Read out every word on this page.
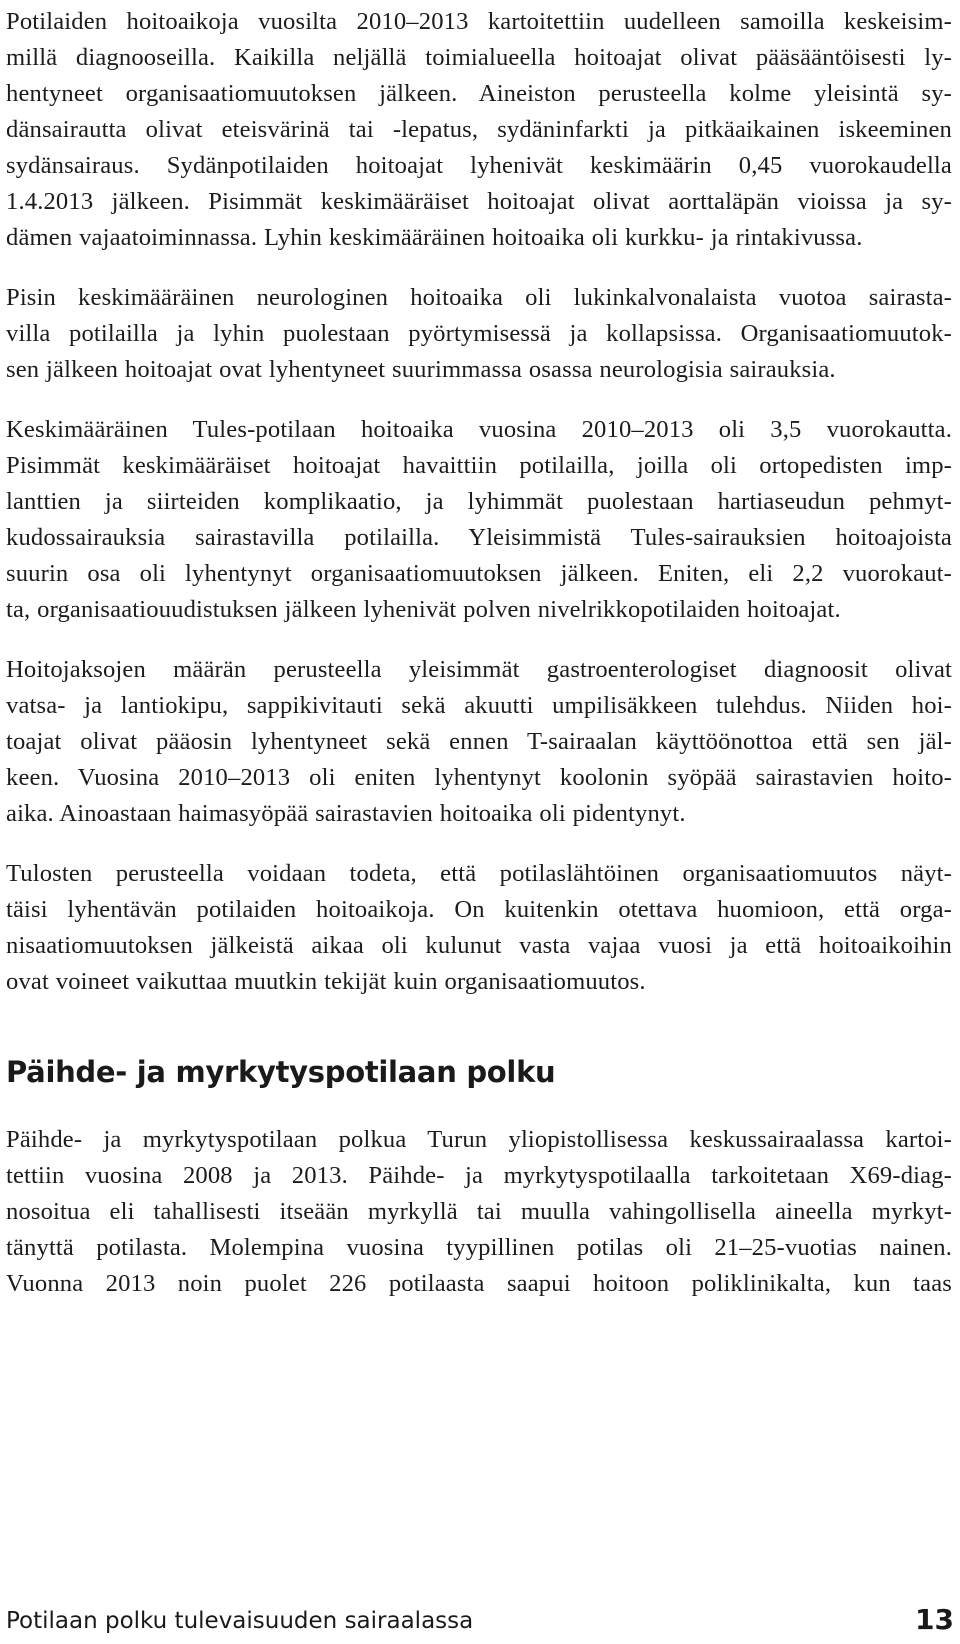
Potilaiden hoitoaikoja vuosilta 2010–2013 kartoitettiin uudelleen samoilla keskeisim-
millä diagnooseilla. Kaikilla neljällä toimialueella hoitoajat olivat pääsääntöisesti ly-
hentyneet organisaatiomuutoksen jälkeen. Aineiston perusteella kolme yleisintä sy-
dänsairautta olivat eteisvärinä tai -lepatus, sydäninfarkti ja pitkäaikainen iskeeminen
sydänsairaus. Sydänpotilaiden hoitoajat lyhenivät keskimäärin 0,45 vuorokaudella
1.4.2013 jälkeen. Pisimmät keskimääräiset hoitoajat olivat aorttaläpän vioissa ja sy-
dämen vajaatoiminnassa. Lyhin keskimääräinen hoitoaika oli kurkku- ja rintakivussa.
Pisin keskimääräinen neurologinen hoitoaika oli lukinkalvonalaista vuotoa sairasta-
villa potilailla ja lyhin puolestaan pyörtymisessä ja kollapsissa. Organisaatiomuutok-
sen jälkeen hoitoajat ovat lyhentyneet suurimmassa osassa neurologisia sairauksia.
Keskimääräinen Tules-potilaan hoitoaika vuosina 2010–2013 oli 3,5 vuorokautta.
Pisimmät keskimääräiset hoitoajat havaittiin potilailla, joilla oli ortopedisten imp-
lanttien ja siirteiden komplikaatio, ja lyhimmät puolestaan hartiaseudun pehmyt-
kudossairauksia sairastavilla potilailla. Yleisimmistä Tules-sairauksien hoitoajoista
suurin osa oli lyhentynyt organisaatiomuutoksen jälkeen. Eniten, eli 2,2 vuorokaut-
ta, organisaatiouudistuksen jälkeen lyhenivät polven nivelrikkopotilaiden hoitoajat.
Hoitojaksojen määrän perusteella yleisimmät gastroenterologiset diagnoosit olivat
vatsa- ja lantiokipu, sappikivitauti sekä akuutti umpilisäkkeen tulehdus. Niiden hoi-
toajat olivat pääosin lyhentyneet sekä ennen T-sairaalan käyttöönottoa että sen jäl-
keen. Vuosina 2010–2013 oli eniten lyhentynyt koolonin syöpää sairastavien hoito-
aika. Ainoastaan haimasyöpää sairastavien hoitoaika oli pidentynyt.
Tulosten perusteella voidaan todeta, että potilaslähtöinen organisaatiomuutos näyt-
täisi lyhentävän potilaiden hoitoaikoja. On kuitenkin otettava huomioon, että orga-
nisaatiomuutoksen jälkeistä aikaa oli kulunut vasta vajaa vuosi ja että hoitoaikoihin
ovat voineet vaikuttaa muutkin tekijät kuin organisaatiomuutos.
Päihde- ja myrkytyspotilaan polku
Päihde- ja myrkytyspotilaan polkua Turun yliopistollisessa keskussairaalassa kartoi-
tettiin vuosina 2008 ja 2013. Päihde- ja myrkytyspotilaalla tarkoitetaan X69-diag-
nosoitua eli tahallisesti itseään myrkyllä tai muulla vahingollisella aineella myrkyt-
tänyttä potilasta. Molempina vuosina tyypillinen potilas oli 21–25-vuotias nainen.
Vuonna 2013 noin puolet 226 potilaasta saapui hoitoon poliklinikalta, kun taas
Potilaan polku tulevaisuuden sairaalassa	13
